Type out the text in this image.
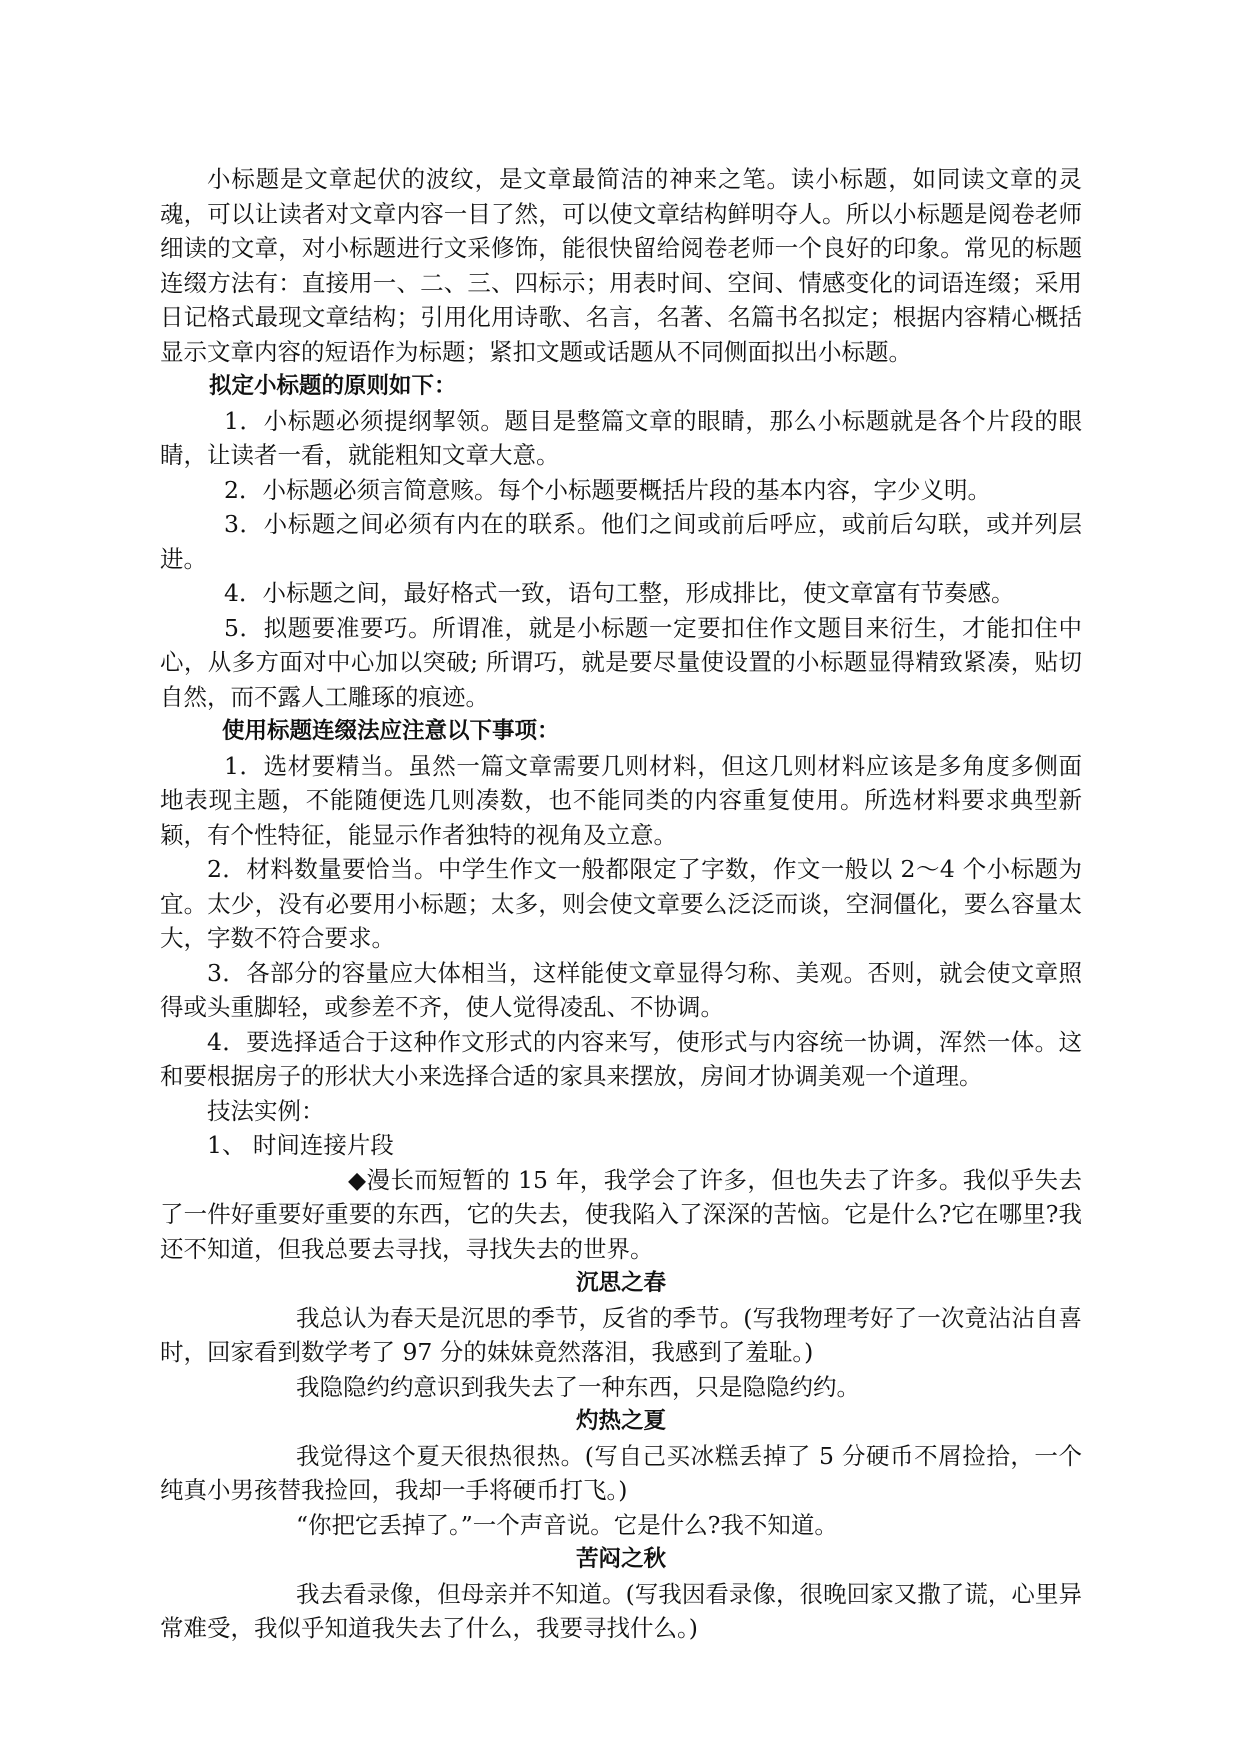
小标题是文章起伏的波纹，是文章最简洁的神来之笔。读小标题，如同读文章的灵魂，可以让读者对文章内容一目了然，可以使文章结构鲜明夺人。所以小标题是阅卷老师细读的文章，对小标题进行文采修饰，能很快留给阅卷老师一个良好的印象。常见的标题连缀方法有：直接用一、二、三、四标示；用表时间、空间、情感变化的词语连缀；采用日记格式最现文章结构；引用化用诗歌、名言，名著、名篇书名拟定；根据内容精心概括显示文章内容的短语作为标题；紧扣文题或话题从不同侧面拟出小标题。

拟定小标题的原则如下：

1．小标题必须提纲挈领。题目是整篇文章的眼睛，那么小标题就是各个片段的眼睛，让读者一看，就能粗知文章大意。

2．小标题必须言简意赅。每个小标题要概括片段的基本内容，字少义明。

3．小标题之间必须有内在的联系。他们之间或前后呼应，或前后勾联，或并列层进。

4．小标题之间，最好格式一致，语句工整，形成排比，使文章富有节奏感。

5．拟题要准要巧。所谓准，就是小标题一定要扣住作文题目来衍生，才能扣住中心，从多方面对中心加以突破; 所谓巧，就是要尽量使设置的小标题显得精致紧凑，贴切自然，而不露人工雕琢的痕迹。

使用标题连缀法应注意以下事项：

1．选材要精当。虽然一篇文章需要几则材料，但这几则材料应该是多角度多侧面地表现主题，不能随便选几则凑数，也不能同类的内容重复使用。所选材料要求典型新颖，有个性特征，能显示作者独特的视角及立意。

2．材料数量要恰当。中学生作文一般都限定了字数，作文一般以 2～4 个小标题为宜。太少，没有必要用小标题；太多，则会使文章要么泛泛而谈，空洞僵化，要么容量太大，字数不符合要求。

3．各部分的容量应大体相当，这样能使文章显得匀称、美观。否则，就会使文章照得或头重脚轻，或参差不齐，使人觉得凌乱、不协调。

4．要选择适合于这种作文形式的内容来写，使形式与内容统一协调，浑然一体。这和要根据房子的形状大小来选择合适的家具来摆放，房间才协调美观一个道理。

技法实例：

1、 时间连接片段

◆漫长而短暂的 15 年，我学会了许多，但也失去了许多。我似乎失去了一件好重要好重要的东西，它的失去，使我陷入了深深的苦恼。它是什么?它在哪里?我还不知道，但我总要去寻找，寻找失去的世界。

沉思之春

我总认为春天是沉思的季节，反省的季节。(写我物理考好了一次竟沾沾自喜时，回家看到数学考了 97 分的妹妹竟然落泪，我感到了羞耻。)

我隐隐约约意识到我失去了一种东西，只是隐隐约约。

灼热之夏

我觉得这个夏天很热很热。(写自己买冰糕丢掉了 5 分硬币不屑捡拾，一个纯真小男孩替我捡回，我却一手将硬币打飞。)

“你把它丢掉了。”一个声音说。它是什么?我不知道。

苦闷之秋

我去看录像，但母亲并不知道。(写我因看录像，很晚回家又撒了谎，心里异常难受，我似乎知道我失去了什么，我要寻找什么。)
